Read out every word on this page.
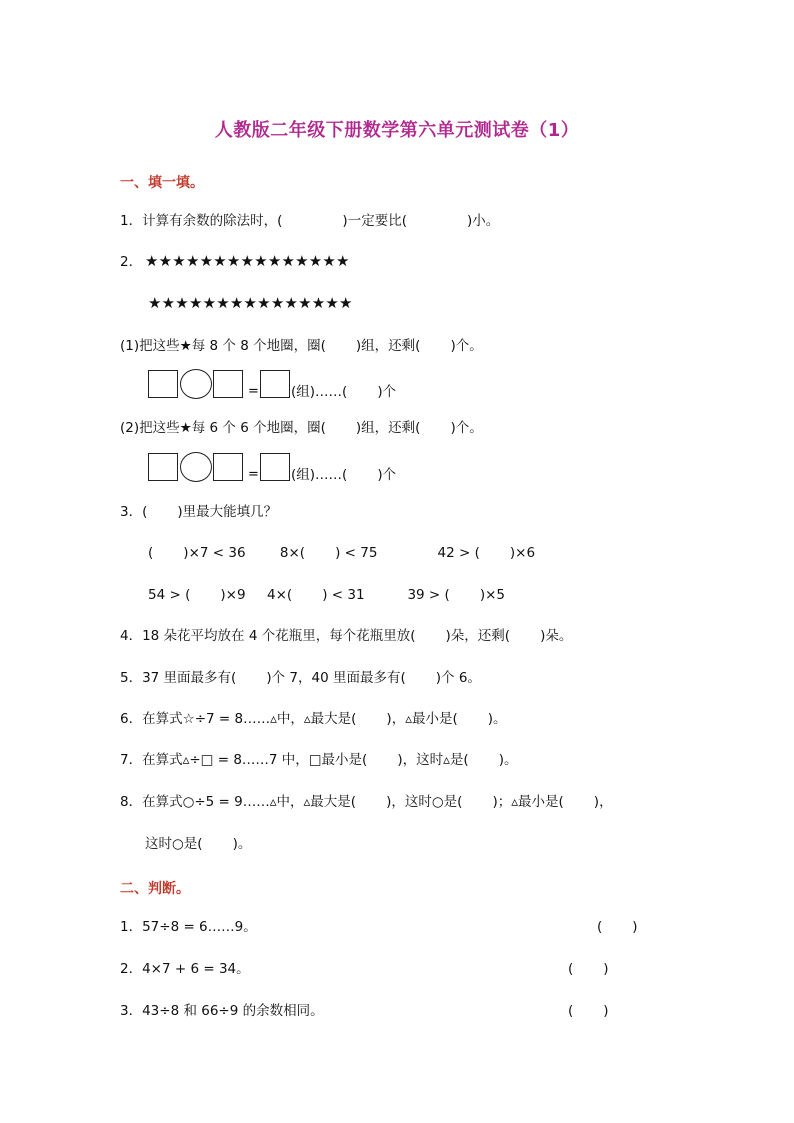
人教版二年级下册数学第六单元测试卷（1）
一、填一填。
1．计算有余数的除法时，(              )一定要比(              )小。
2． ★★★★★★★★★★★★★★★
★★★★★★★★★★★★★★★
(1)把这些★每 8 个 8 个地圈，圈(       )组，还剩(       )个。
= (组)……(       )个
(2)把这些★每 6 个 6 个地圈，圈(       )组，还剩(       )个。
= (组)……(       )个
3．(       )里最大能填几？
(       )×7 < 36        8×(       ) < 75              42 > (       )×6
54 > (       )×9     4×(       ) < 31          39 > (       )×5
4．18 朵花平均放在 4 个花瓶里，每个花瓶里放(       )朵，还剩(       )朵。
5．37 里面最多有(       )个 7，40 里面最多有(       )个 6。
6．在算式☆÷7 = 8……▵中，▵最大是(       )，▵最小是(       )。
7．在算式▵÷□ = 8……7 中，□最小是(       )，这时▵是(       )。
8．在算式○÷5 = 9……▵中，▵最大是(       )，这时○是(       )；▵最小是(       )，
这时○是(       )。
二、判断。
1．57÷8 = 6……9。	(       )
2．4×7 + 6 = 34。	(       )
3．43÷8 和 66÷9 的余数相同。	(       )
